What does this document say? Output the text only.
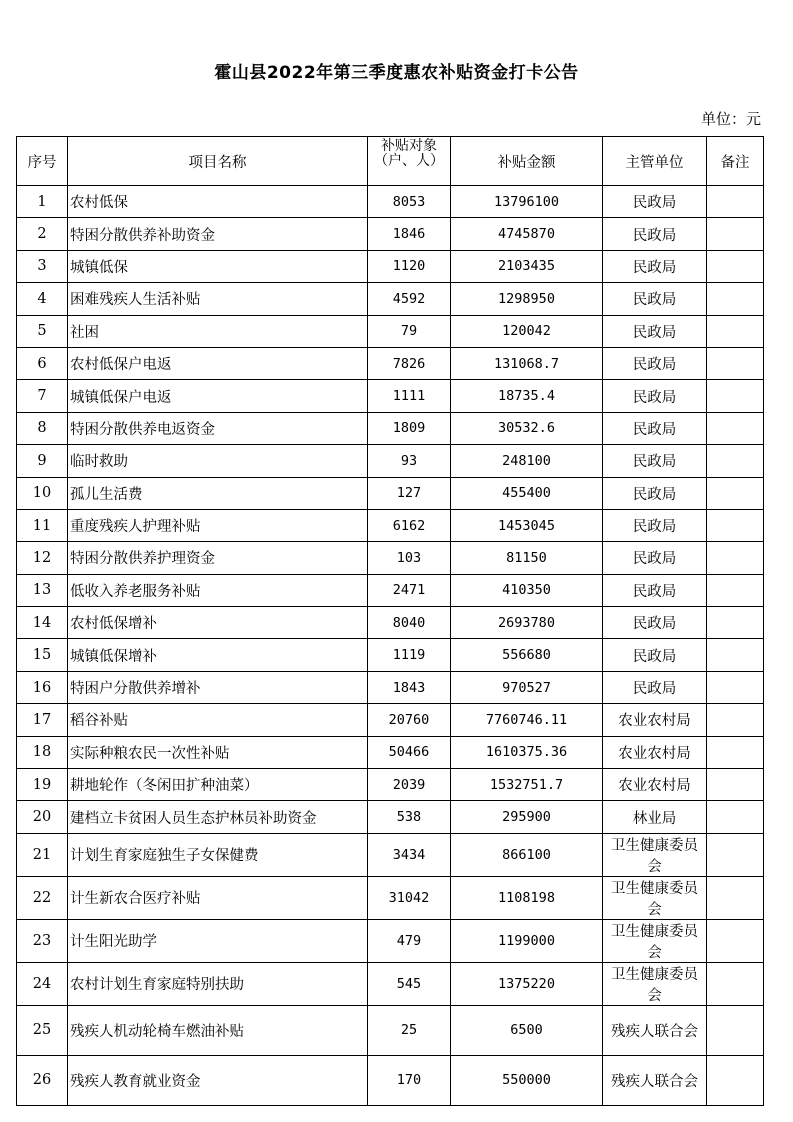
霍山县2022年第三季度惠农补贴资金打卡公告
单位：元
序号	项目名称	补贴对象（户、人）	补贴金额	主管单位	备注
1	农村低保	8053	13796100	民政局	
2	特困分散供养补助资金	1846	4745870	民政局	
3	城镇低保	1120	2103435	民政局	
4	困难残疾人生活补贴	4592	1298950	民政局	
5	社困	79	120042	民政局	
6	农村低保户电返	7826	131068.7	民政局	
7	城镇低保户电返	1111	18735.4	民政局	
8	特困分散供养电返资金	1809	30532.6	民政局	
9	临时救助	93	248100	民政局	
10	孤儿生活费	127	455400	民政局	
11	重度残疾人护理补贴	6162	1453045	民政局	
12	特困分散供养护理资金	103	81150	民政局	
13	低收入养老服务补贴	2471	410350	民政局	
14	农村低保增补	8040	2693780	民政局	
15	城镇低保增补	1119	556680	民政局	
16	特困户分散供养增补	1843	970527	民政局	
17	稻谷补贴	20760	7760746.11	农业农村局	
18	实际种粮农民一次性补贴	50466	1610375.36	农业农村局	
19	耕地轮作（冬闲田扩种油菜）	2039	1532751.7	农业农村局	
20	建档立卡贫困人员生态护林员补助资金	538	295900	林业局	
21	计划生育家庭独生子女保健费	3434	866100	卫生健康委员会	
22	计生新农合医疗补贴	31042	1108198	卫生健康委员会	
23	计生阳光助学	479	1199000	卫生健康委员会	
24	农村计划生育家庭特别扶助	545	1375220	卫生健康委员会	
25	残疾人机动轮椅车燃油补贴	25	6500	残疾人联合会	
26	残疾人教育就业资金	170	550000	残疾人联合会	
